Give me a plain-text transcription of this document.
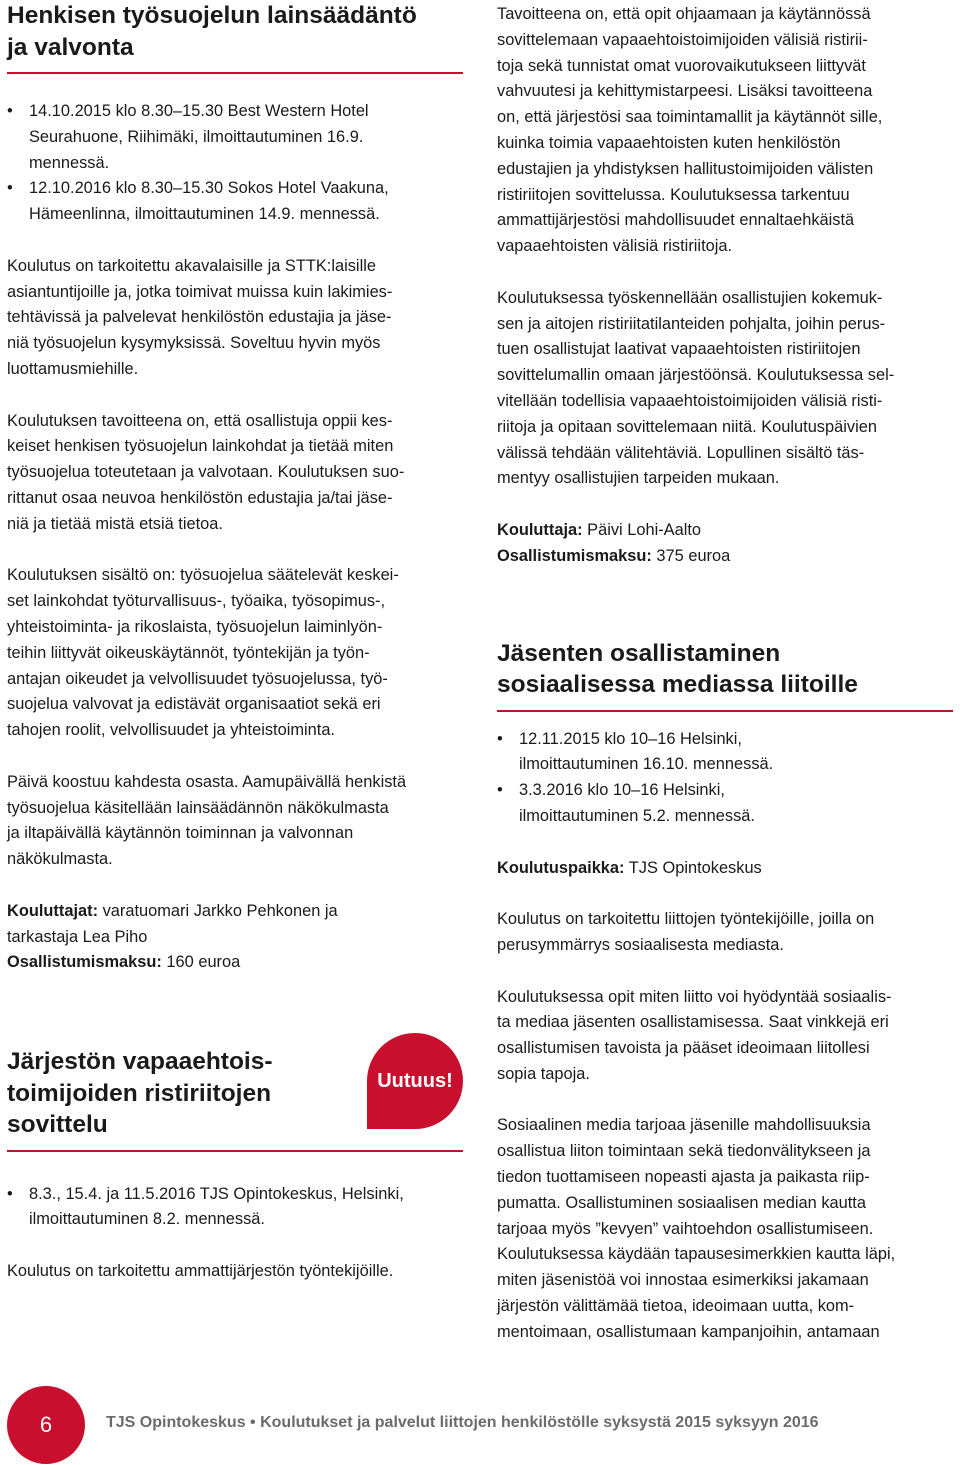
Henkisen työsuojelun lainsäädäntö
ja valvonta
• 14.10.2015 klo 8.30–15.30 Best Western Hotel
Seurahuone, Riihimäki, ilmoittautuminen 16.9.
mennessä.
• 12.10.2016 klo 8.30–15.30 Sokos Hotel Vaakuna,
Hämeenlinna, ilmoittautuminen 14.9. mennessä.

Koulutus on tarkoitettu akavalaisille ja STTK:laisille
asiantuntijoille ja, jotka toimivat muissa kuin lakimies-
tehtävissä ja palvelevat henkilöstön edustajia ja jäse-
niä työsuojelun kysymyksissä. Soveltuu hyvin myös
luottamusmiehille.

Koulutuksen tavoitteena on, että osallistuja oppii kes-
keiset henkisen työsuojelun lainkohdat ja tietää miten
työsuojelua toteutetaan ja valvotaan. Koulutuksen suo-
rittanut osaa neuvoa henkilöstön edustajia ja/tai jäse-
niä ja tietää mistä etsiä tietoa.

Koulutuksen sisältö on: työsuojelua säätelevät keskei-
set lainkohdat työturvallisuus-, työaika, työsopimus-,
yhteistoiminta- ja rikoslaista, työsuojelun laiminlyön-
teihin liittyvät oikeuskäytännöt, työntekijän ja työn-
antajan oikeudet ja velvollisuudet työsuojelussa, työ-
suojelua valvovat ja edistävät organisaatiot sekä eri
tahojen roolit, velvollisuudet ja yhteistoiminta.

Päivä koostuu kahdesta osasta. Aamupäivällä henkistä
työsuojelua käsitellään lainsäädännön näkökulmasta
ja iltapäivällä käytännön toiminnan ja valvonnan
näkökulmasta.

Kouluttajat: varatuomari Jarkko Pehkonen ja
tarkastaja Lea Piho
Osallistumismaksu: 160 euroa

Järjestön vapaaehtois-
toimijoiden ristiriitojen
sovittelu
• 8.3., 15.4. ja 11.5.2016 TJS Opintokeskus, Helsinki,
ilmoittautuminen 8.2. mennessä.

Koulutus on tarkoitettu ammattijärjestön työntekijöille.

Uutuus!

Tavoitteena on, että opit ohjaamaan ja käytännössä
sovittelemaan vapaaehtoistoimijoiden välisiä ristirii-
toja sekä tunnistat omat vuorovaikutukseen liittyvät
vahvuutesi ja kehittymistarpeesi. Lisäksi tavoitteena
on, että järjestösi saa toimintamallit ja käytännöt sille,
kuinka toimia vapaaehtoisten kuten henkilöstön
edustajien ja yhdistyksen hallitustoimijoiden välisten
ristiriitojen sovittelussa. Koulutuksessa tarkentuu
ammattijärjestösi mahdollisuudet ennaltaehkäistä
vapaaehtoisten välisiä ristiriitoja.

Koulutuksessa työskennellään osallistujien kokemuk-
sen ja aitojen ristiriitatilanteiden pohjalta, joihin perus-
tuen osallistujat laativat vapaaehtoisten ristiriitojen
sovittelumallin omaan järjestöönsä. Koulutuksessa sel-
vitellään todellisia vapaaehtoistoimijoiden välisiä risti-
riitoja ja opitaan sovittelemaan niitä. Koulutuspäivien
välissä tehdään välitehtäviä. Lopullinen sisältö täs-
mentyy osallistujien tarpeiden mukaan.

Kouluttaja: Päivi Lohi-Aalto
Osallistumismaksu: 375 euroa

Jäsenten osallistaminen
sosiaalisessa mediassa liitoille
• 12.11.2015 klo 10–16 Helsinki,
ilmoittautuminen 16.10. mennessä.
• 3.3.2016 klo 10–16 Helsinki,
ilmoittautuminen 5.2. mennessä.

Koulutuspaikka: TJS Opintokeskus

Koulutus on tarkoitettu liittojen työntekijöille, joilla on
perusymmärrys sosiaalisesta mediasta.

Koulutuksessa opit miten liitto voi hyödyntää sosiaalis-
ta mediaa jäsenten osallistamisessa. Saat vinkkejä eri
osallistumisen tavoista ja pääset ideoimaan liitollesi
sopia tapoja.

Sosiaalinen media tarjoaa jäsenille mahdollisuuksia
osallistua liiton toimintaan sekä tiedonvälitykseen ja
tiedon tuottamiseen nopeasti ajasta ja paikasta riip-
pumatta. Osallistuminen sosiaalisen median kautta
tarjoaa myös ”kevyen” vaihtoehdon osallistumiseen.
Koulutuksessa käydään tapausesimerkkien kautta läpi,
miten jäsenistöä voi innostaa esimerkiksi jakamaan
järjestön välittämää tietoa, ideoimaan uutta, kom-
mentoimaan, osallistumaan kampanjoihin, antamaan

6	TJS Opintokeskus • Koulutukset ja palvelut liittojen henkilöstölle syksystä 2015 syksyyn 2016
